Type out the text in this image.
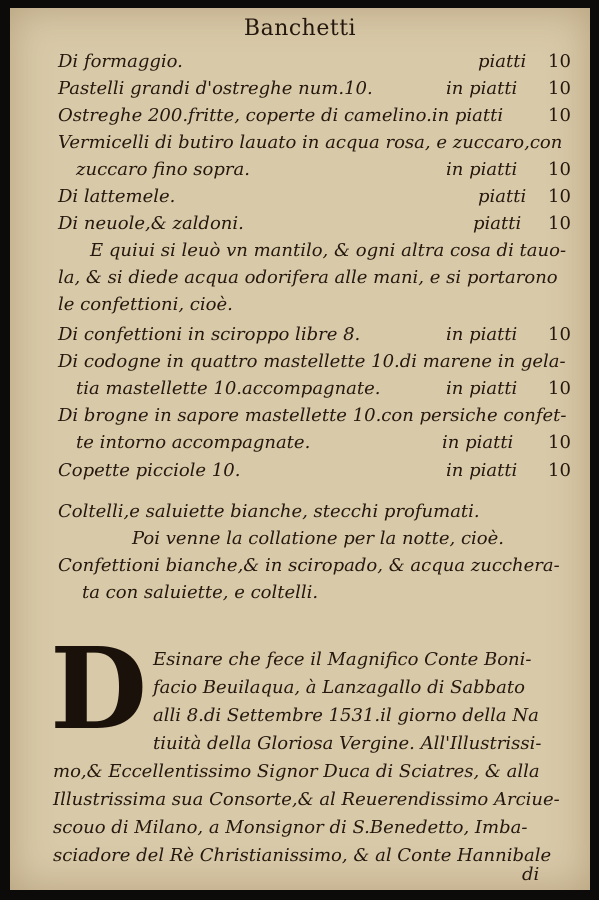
Banchetti
Di formaggio.	piatti 10
Pastelli grandi d'ostreghe num.10.	in piatti 10
Ostreghe 200.fritte, coperte di camelino.in piatti 10
Vermicelli di butiro lauato in acqua rosa, e zuccaro,con
zuccaro fino sopra.	in piatti 10
Di lattemele.	piatti 10
Di neuole,& zaldoni.	piatti 10
E quiui si leuò vn mantilo, & ogni altra cosa di tauo-
la, & si diede acqua odorifera alle mani, e si portarono
le confettioni, cioè.
Di confettioni in sciroppo libre 8.	in piatti 10
Di codogne in quattro mastellette 10.di marene in gela-
tia mastellette 10.accompagnate.	in piatti 10
Di brogne in sapore mastellette 10.con persiche confet-
te intorno accompagnate.	in piatti 10
Copette picciole 10.	in piatti 10
Coltelli,e saluiette bianche, stecchi profumati.
Poi venne la collatione per la notte, cioè.
Confettioni bianche,& in sciropado, & acqua zucchera-
ta con saluiette, e coltelli.
D Esinare che fece il Magnifico Conte Boni-
facio Beuilaqua, à Lanzagallo di Sabbato
alli 8.di Settembre 1531.il giorno della Na
tiuità della Gloriosa Vergine. All'Illustrissi-
mo,& Eccellentissimo Signor Duca di Sciatres, & alla
Illustrissima sua Consorte,& al Reuerendissimo Arciue-
scouo di Milano, a Monsignor di S.Benedetto, Imba-
sciadore del Rè Christianissimo, & al Conte Hannibale
di
